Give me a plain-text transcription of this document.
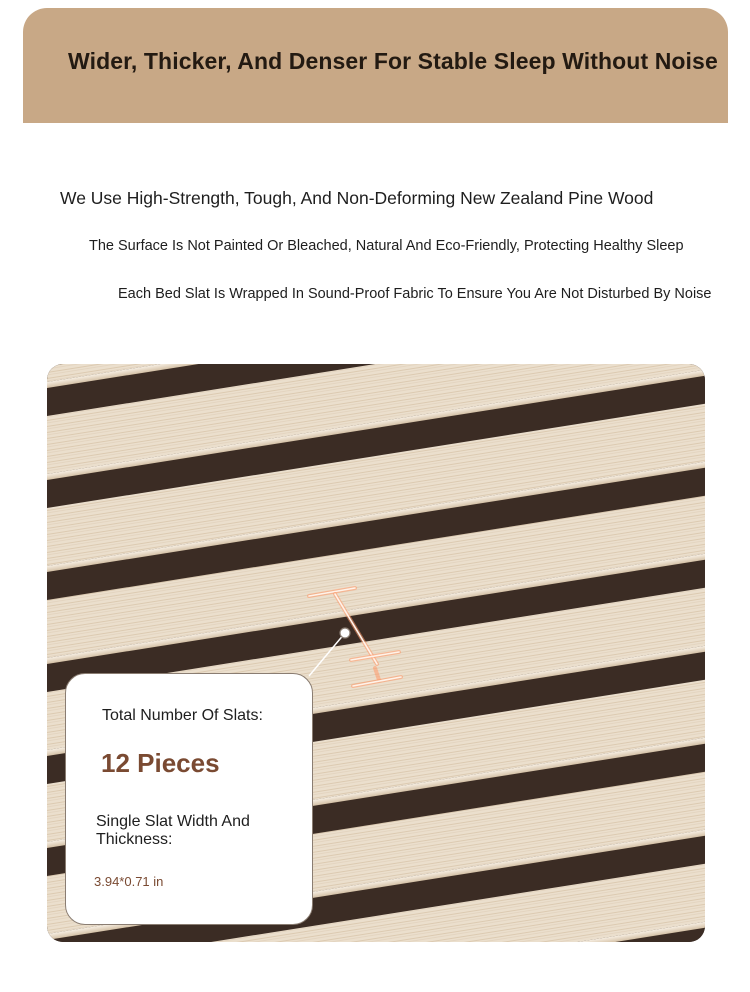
Wider, Thicker, And Denser For Stable Sleep Without Noise

We Use High-Strength, Tough, And Non-Deforming New Zealand Pine Wood

The Surface Is Not Painted Or Bleached, Natural And Eco-Friendly, Protecting Healthy Sleep

Each Bed Slat Is Wrapped In Sound-Proof Fabric To Ensure You Are Not Disturbed By Noise

Total Number Of Slats:
12 Pieces
Single Slat Width And Thickness:
3.94*0.71 in
